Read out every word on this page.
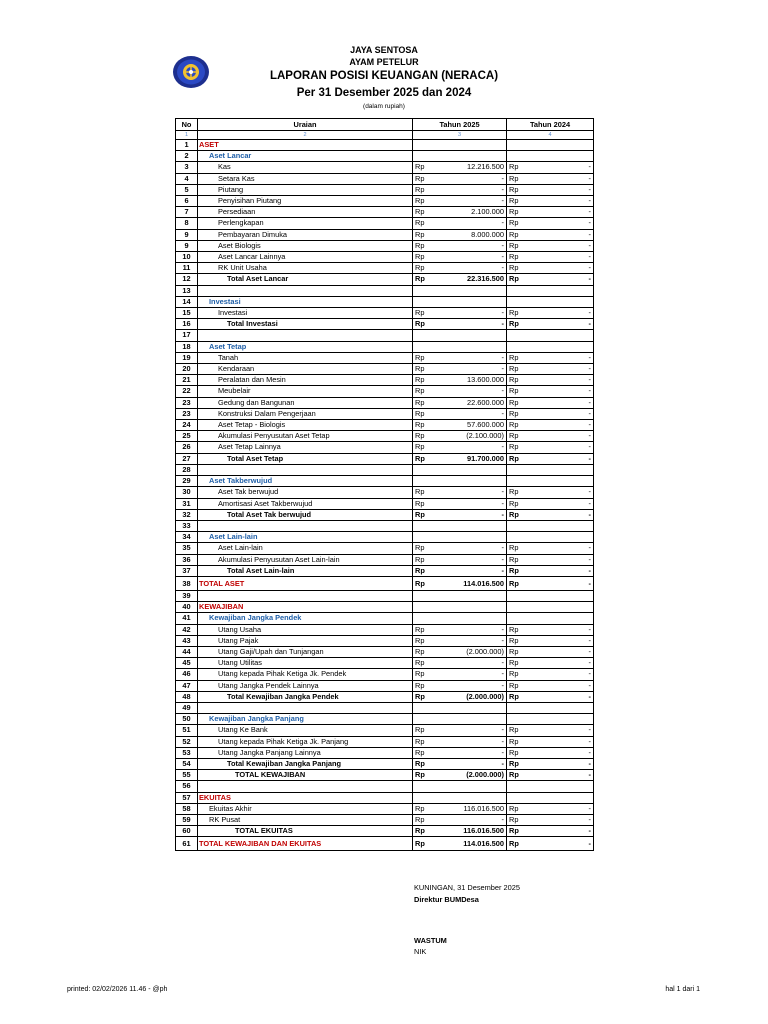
JAYA SENTOSA
AYAM PETELUR
LAPORAN POSISI KEUANGAN (NERACA)
Per 31 Desember 2025 dan 2024
(dalam rupiah)
No	Uraian	Tahun 2025		Tahun 2024	
1	2	3		4	
1	ASET				
2	Aset Lancar				
3	Kas	Rp	12.216.500	Rp	-
4	Setara Kas	Rp	-	Rp	-
5	Piutang	Rp	-	Rp	-
6	Penyisihan Piutang	Rp	-	Rp	-
7	Persediaan	Rp	2.100.000	Rp	-
8	Perlengkapan	Rp	-	Rp	-
9	Pembayaran Dimuka	Rp	8.000.000	Rp	-
9	Aset Biologis	Rp	-	Rp	-
10	Aset Lancar Lainnya	Rp	-	Rp	-
11	RK Unit Usaha	Rp	-	Rp	-
12	Total Aset Lancar	Rp	22.316.500	Rp	-
13					
14	Investasi				
15	Investasi	Rp	-	Rp	-
16	Total Investasi	Rp	-	Rp	-
17					
18	Aset Tetap				
19	Tanah	Rp	-	Rp	-
20	Kendaraan	Rp	-	Rp	-
21	Peralatan dan Mesin	Rp	13.600.000	Rp	-
22	Meubelair	Rp	-	Rp	-
23	Gedung dan Bangunan	Rp	22.600.000	Rp	-
23	Konstruksi Dalam Pengerjaan	Rp	-	Rp	-
24	Aset Tetap - Biologis	Rp	57.600.000	Rp	-
25	Akumulasi Penyusutan Aset Tetap	Rp	(2.100.000)	Rp	-
26	Aset Tetap Lainnya	Rp	-	Rp	-
27	Total Aset Tetap	Rp	91.700.000	Rp	-
28					
29	Aset Takberwujud				
30	Aset Tak berwujud	Rp	-	Rp	-
31	Amortisasi Aset Takberwujud	Rp	-	Rp	-
32	Total Aset Tak berwujud	Rp	-	Rp	-
33					
34	Aset Lain-lain				
35	Aset Lain-lain	Rp	-	Rp	-
36	Akumulasi Penyusutan Aset Lain-lain	Rp	-	Rp	-
37	Total Aset Lain-lain	Rp	-	Rp	-
38	TOTAL ASET	Rp	114.016.500	Rp	-
39					
40	KEWAJIBAN				
41	Kewajiban Jangka Pendek				
42	Utang Usaha	Rp	-	Rp	-
43	Utang Pajak	Rp	-	Rp	-
44	Utang Gaji/Upah dan Tunjangan	Rp	(2.000.000)	Rp	-
45	Utang Utilitas	Rp	-	Rp	-
46	Utang kepada Pihak Ketiga Jk. Pendek	Rp	-	Rp	-
47	Utang Jangka Pendek Lainnya	Rp	-	Rp	-
48	Total Kewajiban Jangka Pendek	Rp	(2.000.000)	Rp	-
49					
50	Kewajiban Jangka Panjang				
51	Utang Ke Bank	Rp	-	Rp	-
52	Utang kepada Pihak Ketiga Jk. Panjang	Rp	-	Rp	-
53	Utang Jangka Panjang Lainnya	Rp	-	Rp	-
54	Total Kewajiban Jangka Panjang	Rp	-	Rp	-
55	TOTAL KEWAJIBAN	Rp	(2.000.000)	Rp	-
56					
57	EKUITAS				
58	Ekuitas Akhir	Rp	116.016.500	Rp	-
59	RK Pusat	Rp	-	Rp	-
60	TOTAL EKUITAS	Rp	116.016.500	Rp	-
61	TOTAL KEWAJIBAN DAN EKUITAS	Rp	114.016.500	Rp	-
KUNINGAN, 31 Desember 2025
Direktur BUMDesa
WASTUM
NIK
printed: 02/02/2026 11.46 - @ph	hal 1 dari 1
